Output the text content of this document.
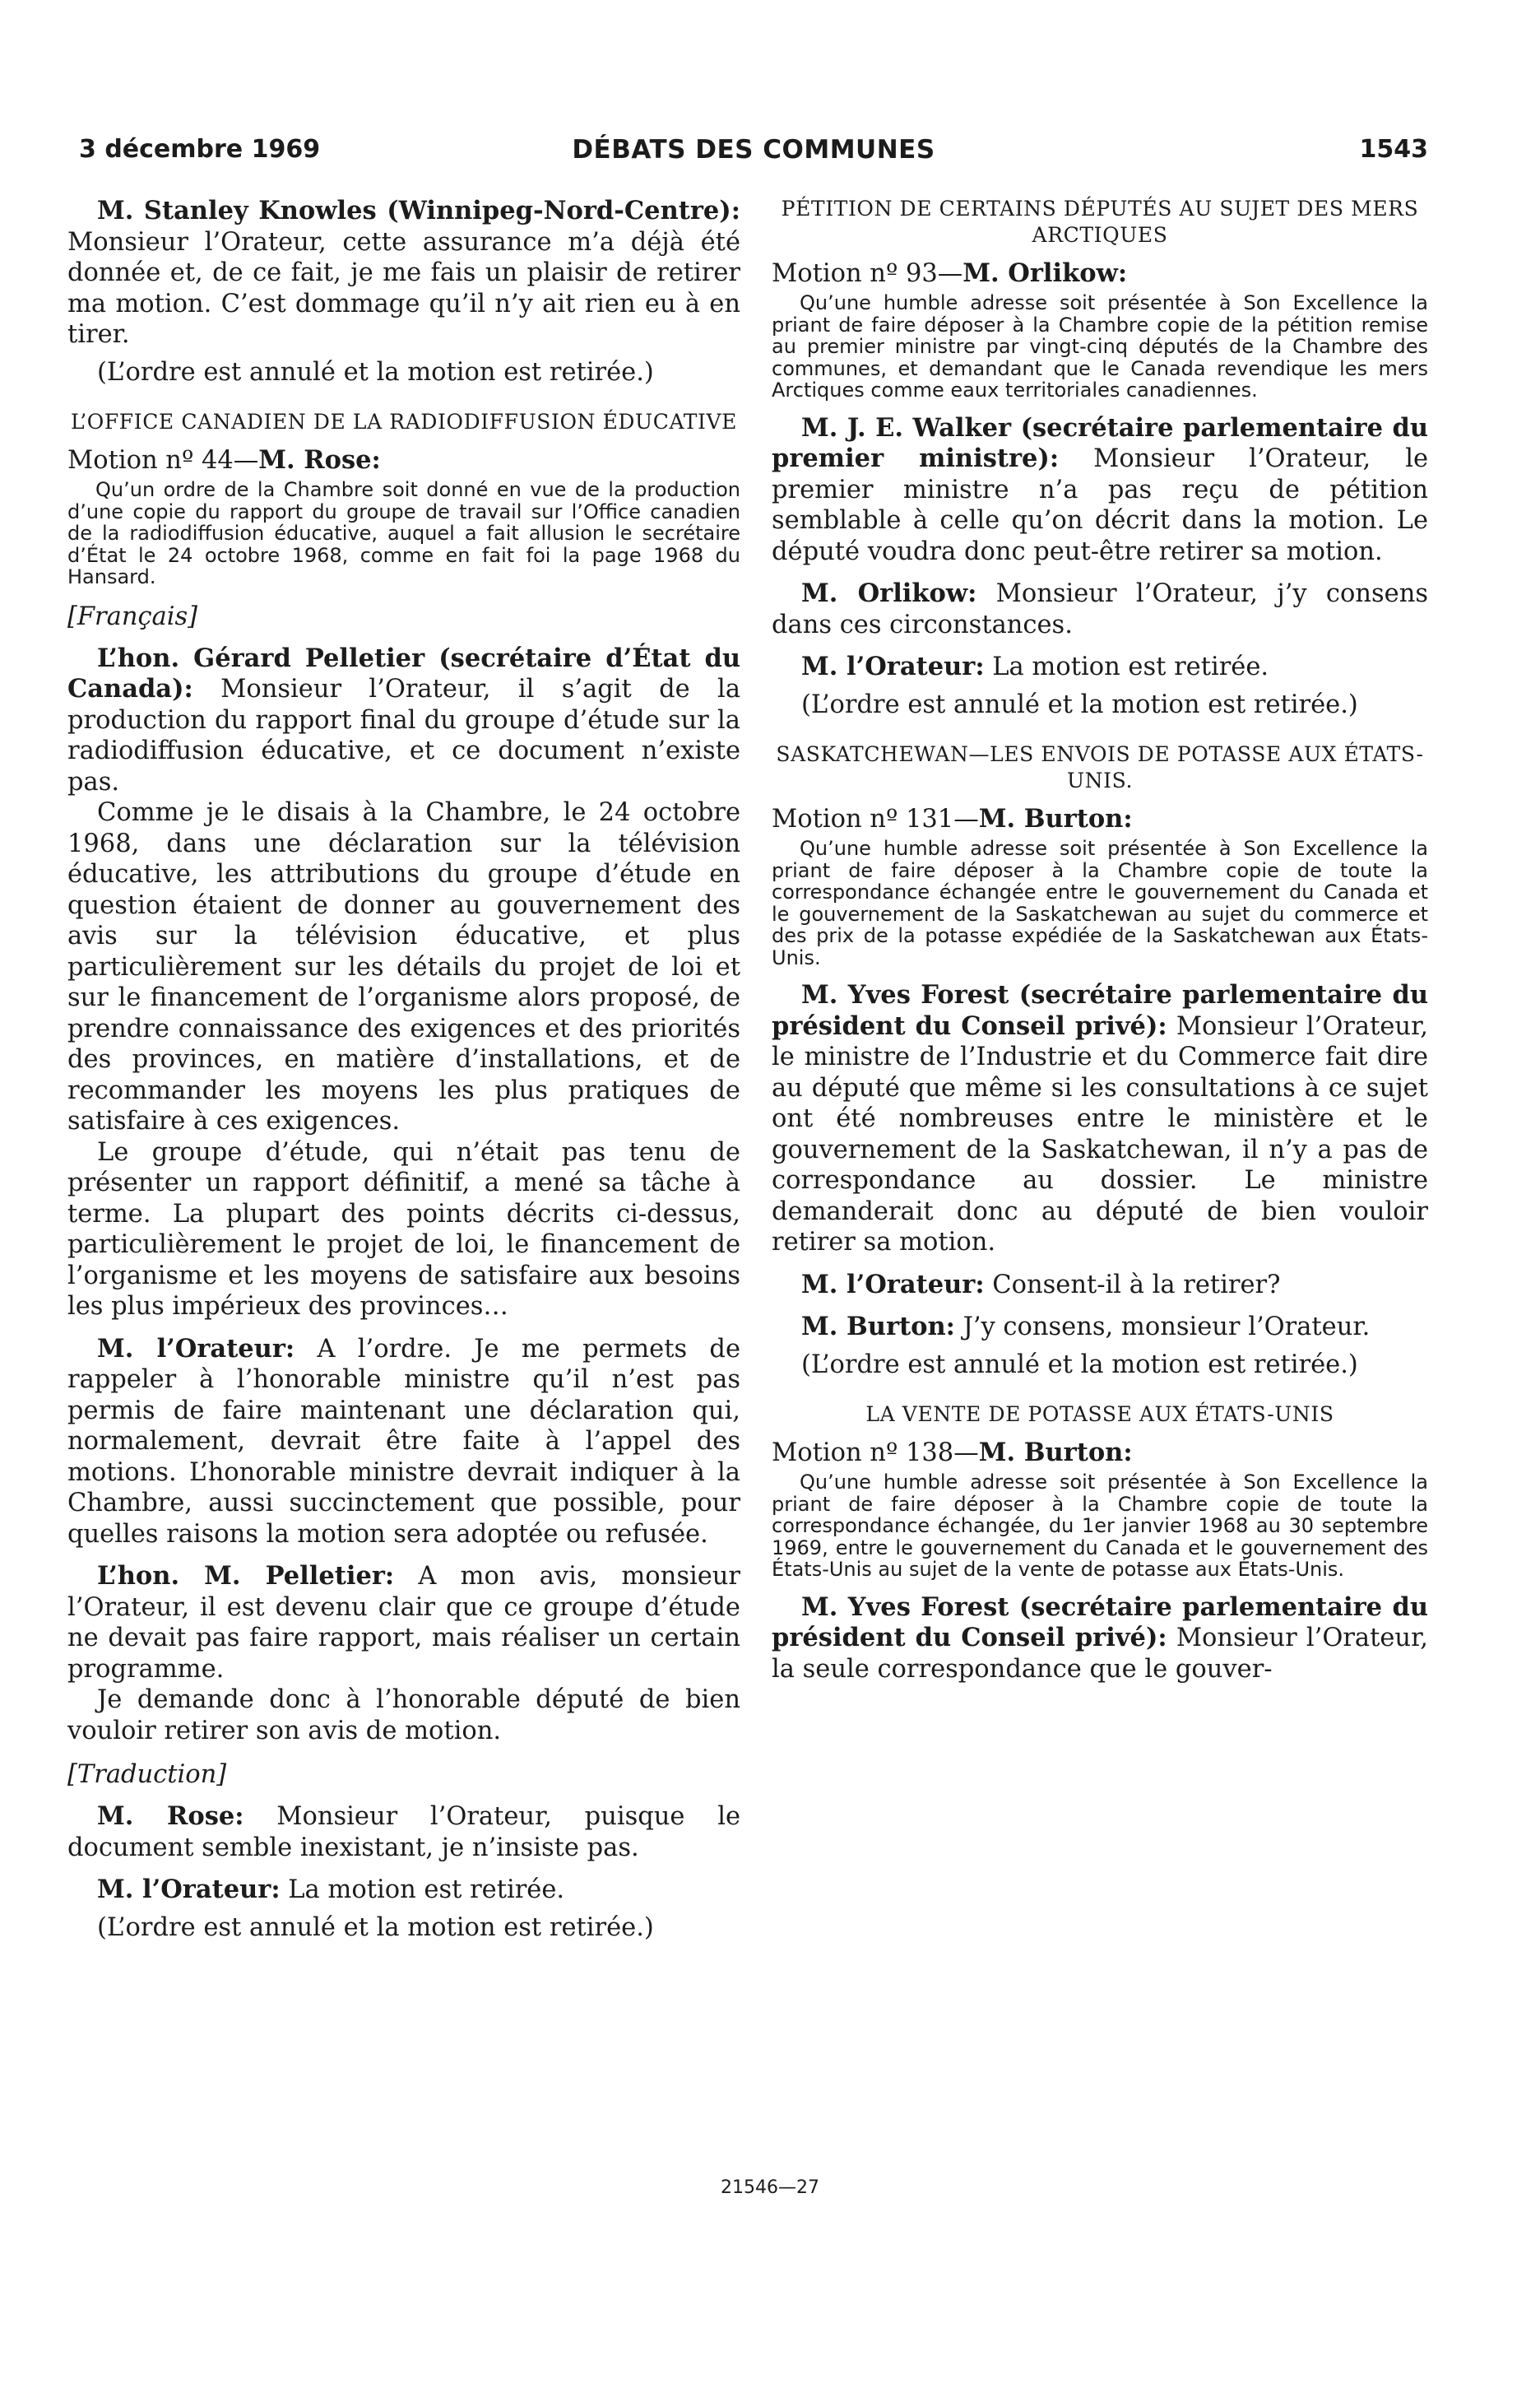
3 décembre 1969	DÉBATS DES COMMUNES	1543

M. Stanley Knowles (Winnipeg-Nord-Centre): Monsieur l’Orateur, cette assurance m’a déjà été donnée et, de ce fait, je me fais un plaisir de retirer ma motion. C’est dommage qu’il n’y ait rien eu à en tirer.

(L’ordre est annulé et la motion est retirée.)

L’OFFICE CANADIEN DE LA RADIODIFFUSION ÉDUCATIVE
Motion nº 44—M. Rose:

Qu’un ordre de la Chambre soit donné en vue de la production d’une copie du rapport du groupe de travail sur l’Office canadien de la radiodiffusion éducative, auquel a fait allusion le secrétaire d’État le 24 octobre 1968, comme en fait foi la page 1968 du Hansard.

[Français]

L’hon. Gérard Pelletier (secrétaire d’État du Canada): Monsieur l’Orateur, il s’agit de la production du rapport final du groupe d’étude sur la radiodiffusion éducative, et ce document n’existe pas.

Comme je le disais à la Chambre, le 24 octobre 1968, dans une déclaration sur la télévision éducative, les attributions du groupe d’étude en question étaient de donner au gouvernement des avis sur la télévision éducative, et plus particulièrement sur les détails du projet de loi et sur le financement de l’organisme alors proposé, de prendre connaissance des exigences et des priorités des provinces, en matière d’installations, et de recommander les moyens les plus pratiques de satisfaire à ces exigences.

Le groupe d’étude, qui n’était pas tenu de présenter un rapport définitif, a mené sa tâche à terme. La plupart des points décrits ci-dessus, particulièrement le projet de loi, le financement de l’organisme et les moyens de satisfaire aux besoins les plus impérieux des provinces…

M. l’Orateur: A l’ordre. Je me permets de rappeler à l’honorable ministre qu’il n’est pas permis de faire maintenant une déclaration qui, normalement, devrait être faite à l’appel des motions. L’honorable ministre devrait indiquer à la Chambre, aussi succinctement que possible, pour quelles raisons la motion sera adoptée ou refusée.

L’hon. M. Pelletier: A mon avis, monsieur l’Orateur, il est devenu clair que ce groupe d’étude ne devait pas faire rapport, mais réaliser un certain programme.

Je demande donc à l’honorable député de bien vouloir retirer son avis de motion.

[Traduction]

M. Rose: Monsieur l’Orateur, puisque le document semble inexistant, je n’insiste pas.

M. l’Orateur: La motion est retirée.

(L’ordre est annulé et la motion est retirée.)

PÉTITION DE CERTAINS DÉPUTÉS AU SUJET DES MERS ARCTIQUES
Motion nº 93—M. Orlikow:

Qu’une humble adresse soit présentée à Son Excellence la priant de faire déposer à la Chambre copie de la pétition remise au premier ministre par vingt-cinq députés de la Chambre des communes, et demandant que le Canada revendique les mers Arctiques comme eaux territoriales canadiennes.

M. J. E. Walker (secrétaire parlementaire du premier ministre): Monsieur l’Orateur, le premier ministre n’a pas reçu de pétition semblable à celle qu’on décrit dans la motion. Le député voudra donc peut-être retirer sa motion.

M. Orlikow: Monsieur l’Orateur, j’y consens dans ces circonstances.

M. l’Orateur: La motion est retirée.

(L’ordre est annulé et la motion est retirée.)

SASKATCHEWAN—LES ENVOIS DE POTASSE AUX ÉTATS-UNIS.
Motion nº 131—M. Burton:

Qu’une humble adresse soit présentée à Son Excellence la priant de faire déposer à la Chambre copie de toute la correspondance échangée entre le gouvernement du Canada et le gouvernement de la Saskatchewan au sujet du commerce et des prix de la potasse expédiée de la Saskatchewan aux États-Unis.

M. Yves Forest (secrétaire parlementaire du président du Conseil privé): Monsieur l’Orateur, le ministre de l’Industrie et du Commerce fait dire au député que même si les consultations à ce sujet ont été nombreuses entre le ministère et le gouvernement de la Saskatchewan, il n’y a pas de correspondance au dossier. Le ministre demanderait donc au député de bien vouloir retirer sa motion.

M. l’Orateur: Consent-il à la retirer?

M. Burton: J’y consens, monsieur l’Orateur.

(L’ordre est annulé et la motion est retirée.)

LA VENTE DE POTASSE AUX ÉTATS-UNIS
Motion nº 138—M. Burton:

Qu’une humble adresse soit présentée à Son Excellence la priant de faire déposer à la Chambre copie de toute la correspondance échangée, du 1er janvier 1968 au 30 septembre 1969, entre le gouvernement du Canada et le gouvernement des États-Unis au sujet de la vente de potasse aux États-Unis.

M. Yves Forest (secrétaire parlementaire du président du Conseil privé): Monsieur l’Orateur, la seule correspondance que le gouver-

21546—27
